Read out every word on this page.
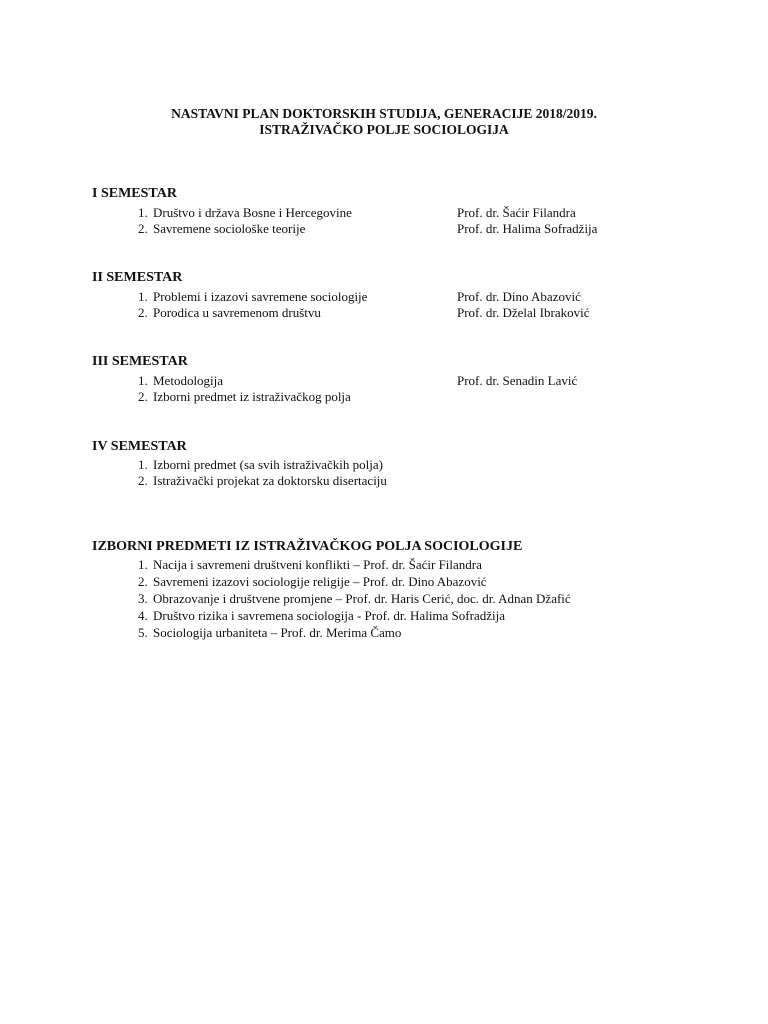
NASTAVNI PLAN DOKTORSKIH STUDIJA, GENERACIJE 2018/2019.
ISTRAŽIVAČKO POLJE SOCIOLOGIJA
I SEMESTAR
1. Društvo i država Bosne i Hercegovine	Prof. dr. Šaćir Filandra
2. Savremene sociološke teorije	Prof. dr. Halima Sofradžija
II SEMESTAR
1. Problemi i izazovi savremene sociologije	Prof. dr. Dino Abazović
2. Porodica u savremenom društvu	Prof. dr. Dželal Ibraković
III SEMESTAR
1. Metodologija	Prof. dr. Senadin Lavić
2. Izborni predmet iz istraživačkog polja
IV SEMESTAR
1. Izborni predmet (sa svih istraživačkih polja)
2. Istraživački projekat za doktorsku disertaciju
IZBORNI PREDMETI IZ ISTRAŽIVAČKOG POLJA SOCIOLOGIJE
1. Nacija i savremeni društveni konflikti – Prof. dr. Šaćir Filandra
2. Savremeni izazovi sociologije religije – Prof. dr. Dino Abazović
3. Obrazovanje i društvene promjene – Prof. dr. Haris Cerić, doc. dr. Adnan Džafić
4. Društvo rizika i savremena sociologija - Prof. dr. Halima Sofradžija
5. Sociologija urbaniteta – Prof. dr. Merima Čamo
